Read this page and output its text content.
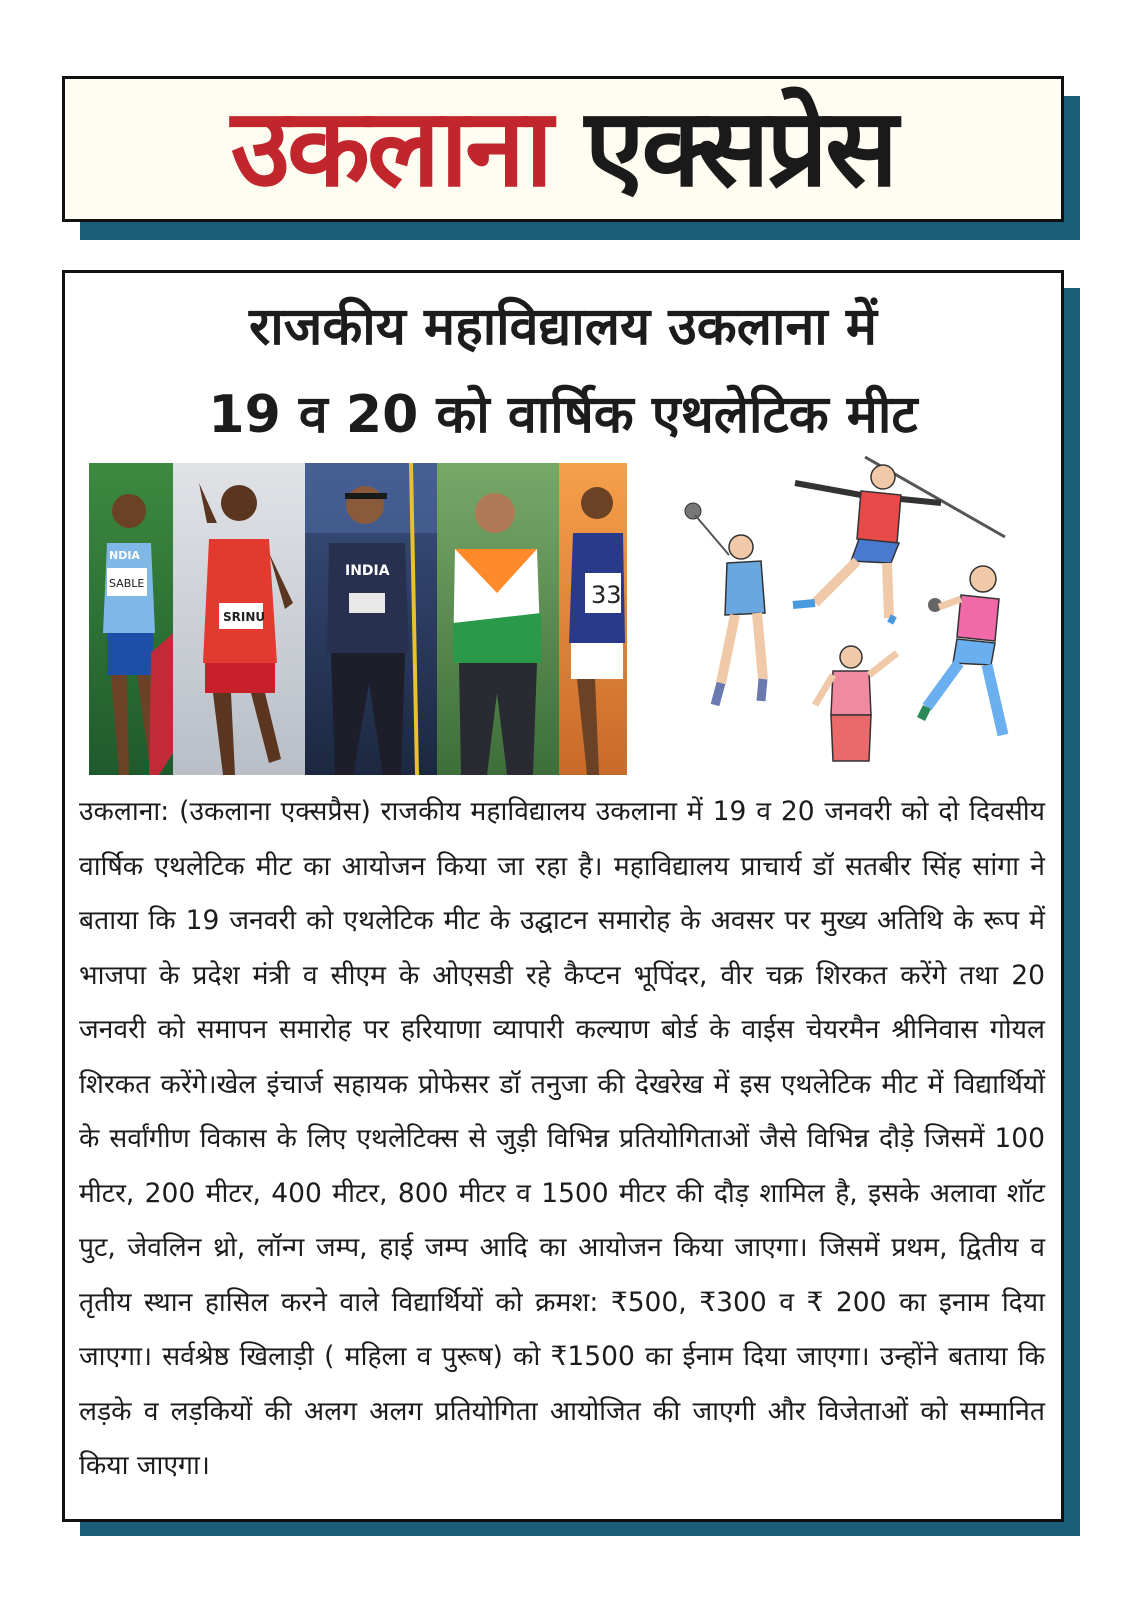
उकलाना एक्सप्रेस
राजकीय महाविद्यालय उकलाना में
19 व 20 को वार्षिक एथलेटिक मीट
SABLE
NDIA
SRINU
INDIA
33
उकलाना: (उकलाना एक्सप्रैस) राजकीय महाविद्यालय उकलाना में 19 व 20 जनवरी को दो दिवसीय वार्षिक एथलेटिक मीट का आयोजन किया जा रहा है। महाविद्यालय प्राचार्य डॉ सतबीर सिंह सांगा ने बताया कि 19 जनवरी को एथलेटिक मीट के उद्घाटन समारोह के अवसर पर मुख्य अतिथि के रूप में भाजपा के प्रदेश मंत्री व सीएम के ओएसडी रहे कैप्टन भूपिंदर, वीर चक्र शिरकत करेंगे तथा 20 जनवरी को समापन समारोह पर हरियाणा व्यापारी कल्याण बोर्ड के वाईस चेयरमैन श्रीनिवास गोयल शिरकत करेंगे।खेल इंचार्ज सहायक प्रोफेसर डॉ तनुजा की देखरेख में इस एथलेटिक मीट में विद्यार्थियों के सर्वांगीण विकास के लिए एथलेटिक्स से जुड़ी विभिन्न प्रतियोगिताओं जैसे विभिन्न दौड़े जिसमें 100 मीटर, 200 मीटर, 400 मीटर, 800 मीटर व 1500 मीटर की दौड़ शामिल है, इसके अलावा शॉट पुट, जेवलिन थ्रो, लॉन्ग जम्प, हाई जम्प आदि का आयोजन किया जाएगा। जिसमें प्रथम, द्वितीय व तृतीय स्थान हासिल करने वाले विद्यार्थियों को क्रमश: ₹500, ₹300 व ₹ 200 का इनाम दिया जाएगा। सर्वश्रेष्ठ खिलाड़ी ( महिला व पुरूष) को ₹1500 का ईनाम दिया जाएगा। उन्होंने बताया कि लड़के व लड़कियों की अलग अलग प्रतियोगिता आयोजित की जाएगी और विजेताओं को सम्मानित किया जाएगा।
